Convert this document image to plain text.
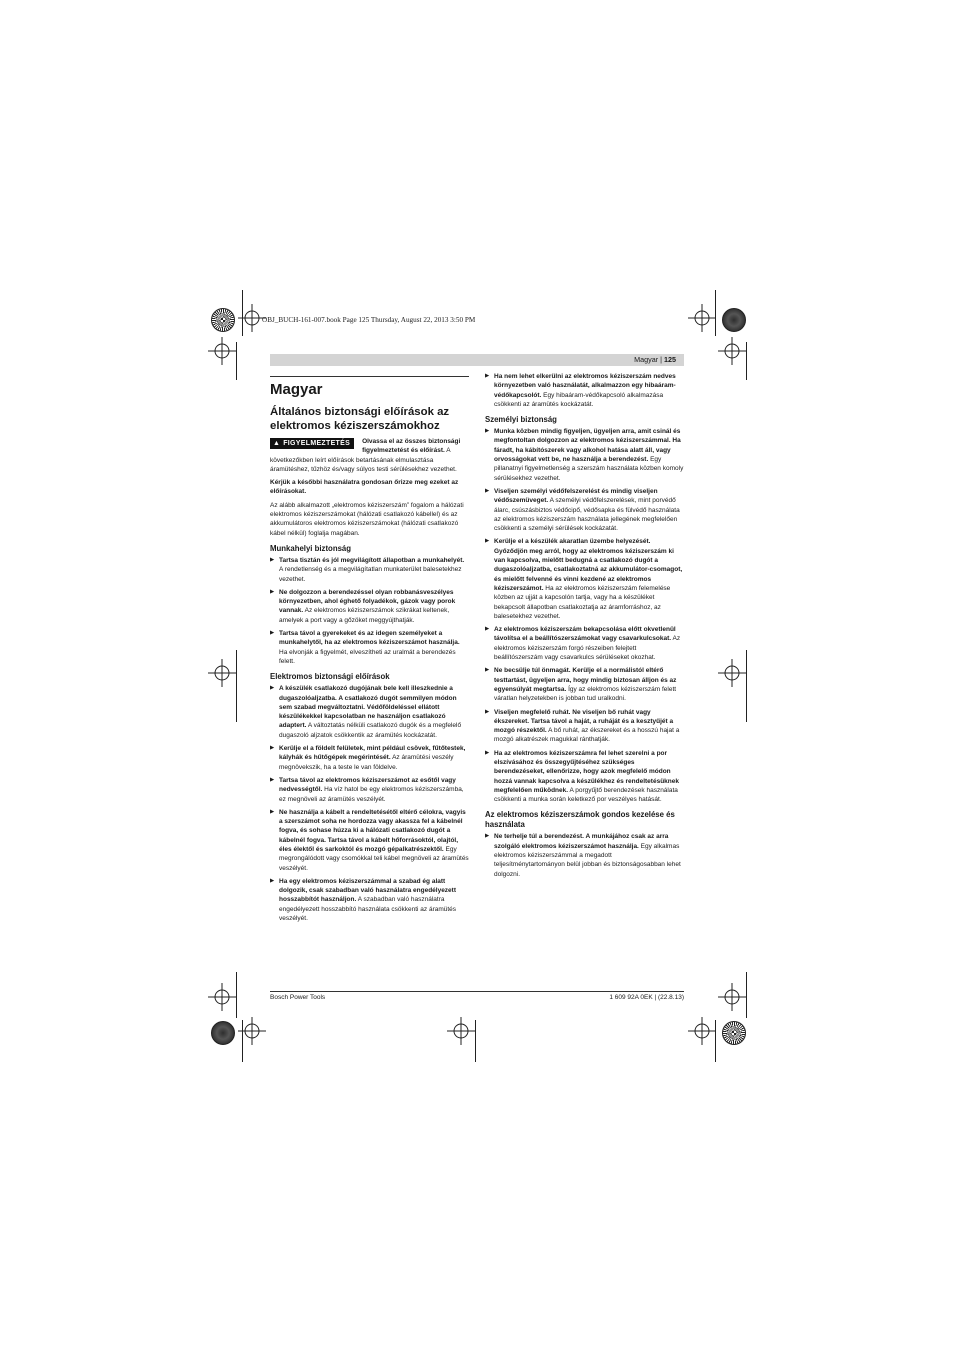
OBJ_BUCH-161-007.book Page 125 Thursday, August 22, 2013 3:50 PM
Magyar | 125
Magyar
Általános biztonsági előírások az elektromos kéziszerszámokhoz
▲ FIGYELMEZTETÉS	Olvassa el az összes biztonsági figyelmeztetést és előírást. A következőkben leírt előírások betartásának elmulasztása áramütéshez, tűzhöz és/vagy súlyos testi sérülésekhez vezethet.

Kérjük a későbbi használatra gondosan őrizze meg ezeket az előírásokat.

Az alább alkalmazott „elektromos kéziszerszám” fogalom a hálózati elektromos kéziszerszámokat (hálózati csatlakozó kábellel) és az akkumulátoros elektromos kéziszerszámokat (hálózati csatlakozó kábel nélkül) foglalja magában.

Munkahelyi biztonság
▶ Tartsa tisztán és jól megvilágított állapotban a munkahelyét. A rendetlenség és a megvilágítatlan munkaterület balesetekhez vezethet.
▶ Ne dolgozzon a berendezéssel olyan robbanásveszélyes környezetben, ahol éghető folyadékok, gázok vagy porok vannak. Az elektromos kéziszerszámok szikrákat keltenek, amelyek a port vagy a gőzöket meggyújthatják.
▶ Tartsa távol a gyerekeket és az idegen személyeket a munkahelytől, ha az elektromos kéziszerszámot használja. Ha elvonják a figyelmét, elveszítheti az uralmát a berendezés felett.
Elektromos biztonsági előírások
▶ A készülék csatlakozó dugójának bele kell illeszkednie a dugaszolóaljzatba. A csatlakozó dugót semmilyen módon sem szabad megváltoztatni. Védőföldeléssel ellátott készülékekkel kapcsolatban ne használjon csatlakozó adaptert. A változtatás nélküli csatlakozó dugók és a megfelelő dugaszoló aljzatok csökkentik az áramütés kockázatát.
▶ Kerülje el a földelt felületek, mint például csövek, fűtőtestek, kályhák és hűtőgépek megérintését. Az áramütési veszély megnövekszik, ha a teste le van földelve.
▶ Tartsa távol az elektromos kéziszerszámot az esőtől vagy nedvességtől. Ha víz hatol be egy elektromos kéziszerszámba, ez megnöveli az áramütés veszélyét.
▶ Ne használja a kábelt a rendeltetésétől eltérő célokra, vagyis a szerszámot soha ne hordozza vagy akassza fel a kábelnél fogva, és sohase húzza ki a hálózati csatlakozó dugót a kábelnél fogva. Tartsa távol a kábelt hőforrásoktól, olajtól, éles élektől és sarkoktól és mozgó gépalkatrészektől. Egy megrongálódott vagy csomókkal teli kábel megnöveli az áramütés veszélyét.
▶ Ha egy elektromos kéziszerszámmal a szabad ég alatt dolgozik, csak szabadban való használatra engedélyezett hosszabbítót használjon. A szabadban való használatra engedélyezett hosszabbító használata csökkenti az áramütés veszélyét.
▶ Ha nem lehet elkerülni az elektromos kéziszerszám nedves környezetben való használatát, alkalmazzon egy hibaáram-védőkapcsolót. Egy hibaáram-védőkapcsoló alkalmazása csökkenti az áramütés kockázatát.
Személyi biztonság
▶ Munka közben mindig figyeljen, ügyeljen arra, amit csinál és megfontoltan dolgozzon az elektromos kéziszerszámmal. Ha fáradt, ha kábítószerek vagy alkohol hatása alatt áll, vagy orvosságokat vett be, ne használja a berendezést. Egy pillanatnyi figyelmetlenség a szerszám használata közben komoly sérülésekhez vezethet.
▶ Viseljen személyi védőfelszerelést és mindig viseljen védőszemüveget. A személyi védőfelszerelések, mint porvédő álarc, csúszásbiztos védőcipő, védősapka és fülvédő használata az elektromos kéziszerszám használata jellegének megfelelően csökkenti a személyi sérülések kockázatát.
▶ Kerülje el a készülék akaratlan üzembe helyezését. Győződjön meg arról, hogy az elektromos kéziszerszám ki van kapcsolva, mielőtt bedugná a csatlakozó dugót a dugaszolóaljzatba, csatlakoztatná az akkumulátor-csomagot, és mielőtt felvenné és vinni kezdené az elektromos kéziszerszámot. Ha az elektromos kéziszerszám felemelése közben az ujját a kapcsolón tartja, vagy ha a készüléket bekapcsolt állapotban csatlakoztatja az áramforráshoz, az balesetekhez vezethet.
▶ Az elektromos kéziszerszám bekapcsolása előtt okvetlenül távolítsa el a beállítószerszámokat vagy csavarkulcsokat. Az elektromos kéziszerszám forgó részeiben felejtett beállítószerszám vagy csavarkulcs sérüléseket okozhat.
▶ Ne becsülje túl önmagát. Kerülje el a normálistól eltérő testtartást, ügyeljen arra, hogy mindig biztosan álljon és az egyensúlyát megtartsa. Így az elektromos kéziszerszám felett váratlan helyzetekben is jobban tud uralkodni.
▶ Viseljen megfelelő ruhát. Ne viseljen bő ruhát vagy ékszereket. Tartsa távol a haját, a ruháját és a kesztyűjét a mozgó részektől. A bő ruhát, az ékszereket és a hosszú hajat a mozgó alkatrészek magukkal ránthatják.
▶ Ha az elektromos kéziszerszámra fel lehet szerelni a por elszívásához és összegyűjtéséhez szükséges berendezéseket, ellenőrizze, hogy azok megfelelő módon hozzá vannak kapcsolva a készülékhez és rendeltetésüknek megfelelően működnek. A porgyűjtő berendezések használata csökkenti a munka során keletkező por veszélyes hatását.
Az elektromos kéziszerszámok gondos kezelése és használata
▶ Ne terhelje túl a berendezést. A munkájához csak az arra szolgáló elektromos kéziszerszámot használja. Egy alkalmas elektromos kéziszerszámmal a megadott teljesítménytartományon belül jobban és biztonságosabban lehet dolgozni.
Bosch Power Tools	1 609 92A 0EK | (22.8.13)
